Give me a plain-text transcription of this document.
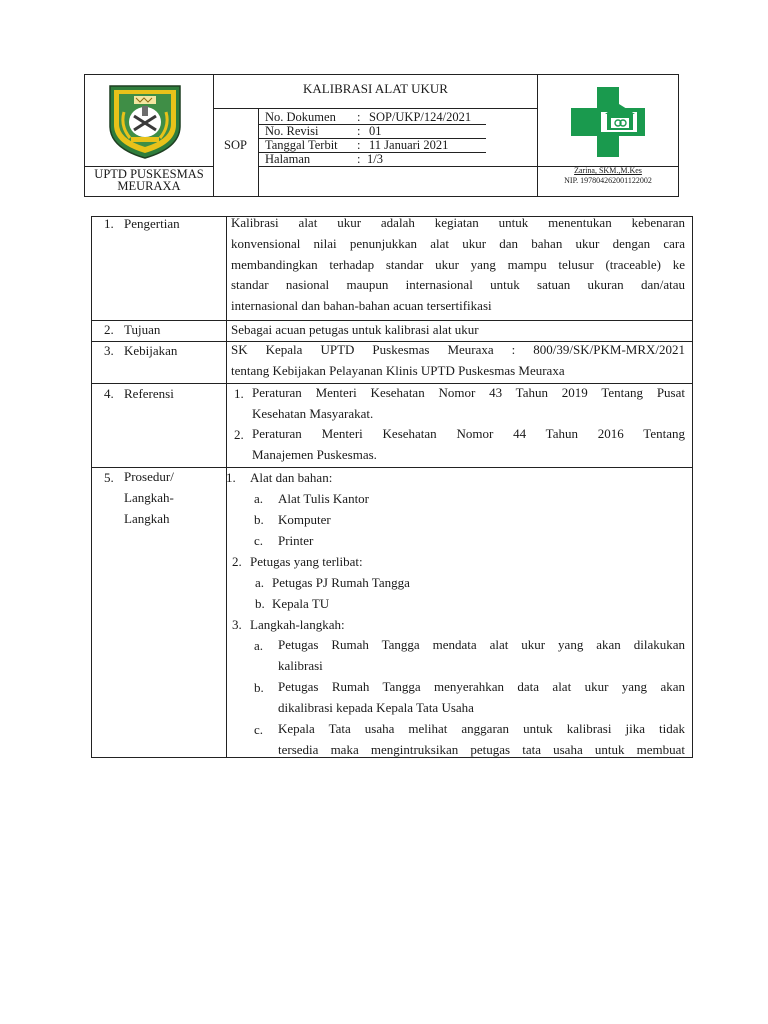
UPTD PUSKESMAS
MEURAXA
KALIBRASI ALAT UKUR
SOP
No. Dokumen : SOP/UKP/124/2021
No. Revisi	: 01
Tanggal Terbit : 11 Januari 2021
Halaman	: 1/3
Zarina, SKM.,M.Kes
NIP. 197804262001122002
1. Pengertian	Kalibrasi alat ukur adalah kegiatan untuk menentukan kebenaran
konvensional nilai penunjukkan alat ukur dan bahan ukur dengan cara
membandingkan terhadap standar ukur yang mampu telusur (traceable) ke
standar nasional maupun internasional untuk satuan ukuran dan/atau
internasional dan bahan-bahan acuan tersertifikasi
2. Tujuan	Sebagai acuan petugas untuk kalibrasi alat ukur
3. Kebijakan	SK Kepala UPTD Puskesmas Meuraxa : 800/39/SK/PKM-MRX/2021
tentang Kebijakan Pelayanan Klinis UPTD Puskesmas Meuraxa
4. Referensi	1. Peraturan Menteri Kesehatan Nomor 43 Tahun 2019 Tentang Pusat
Kesehatan Masyarakat.
2. Peraturan Menteri Kesehatan Nomor 44 Tahun 2016 Tentang
Manajemen Puskesmas.
5. Prosedur/
Langkah-
Langkah
1. Alat dan bahan:
a. Alat Tulis Kantor
b. Komputer
c. Printer
2. Petugas yang terlibat:
a. Petugas PJ Rumah Tangga
b. Kepala TU
3. Langkah-langkah:
a. Petugas Rumah Tangga mendata alat ukur yang akan dilakukan
kalibrasi
b. Petugas Rumah Tangga menyerahkan data alat ukur yang akan
dikalibrasi kepada Kepala Tata Usaha
c. Kepala Tata usaha melihat anggaran untuk kalibrasi jika tidak
tersedia maka mengintruksikan petugas tata usaha untuk membuat
